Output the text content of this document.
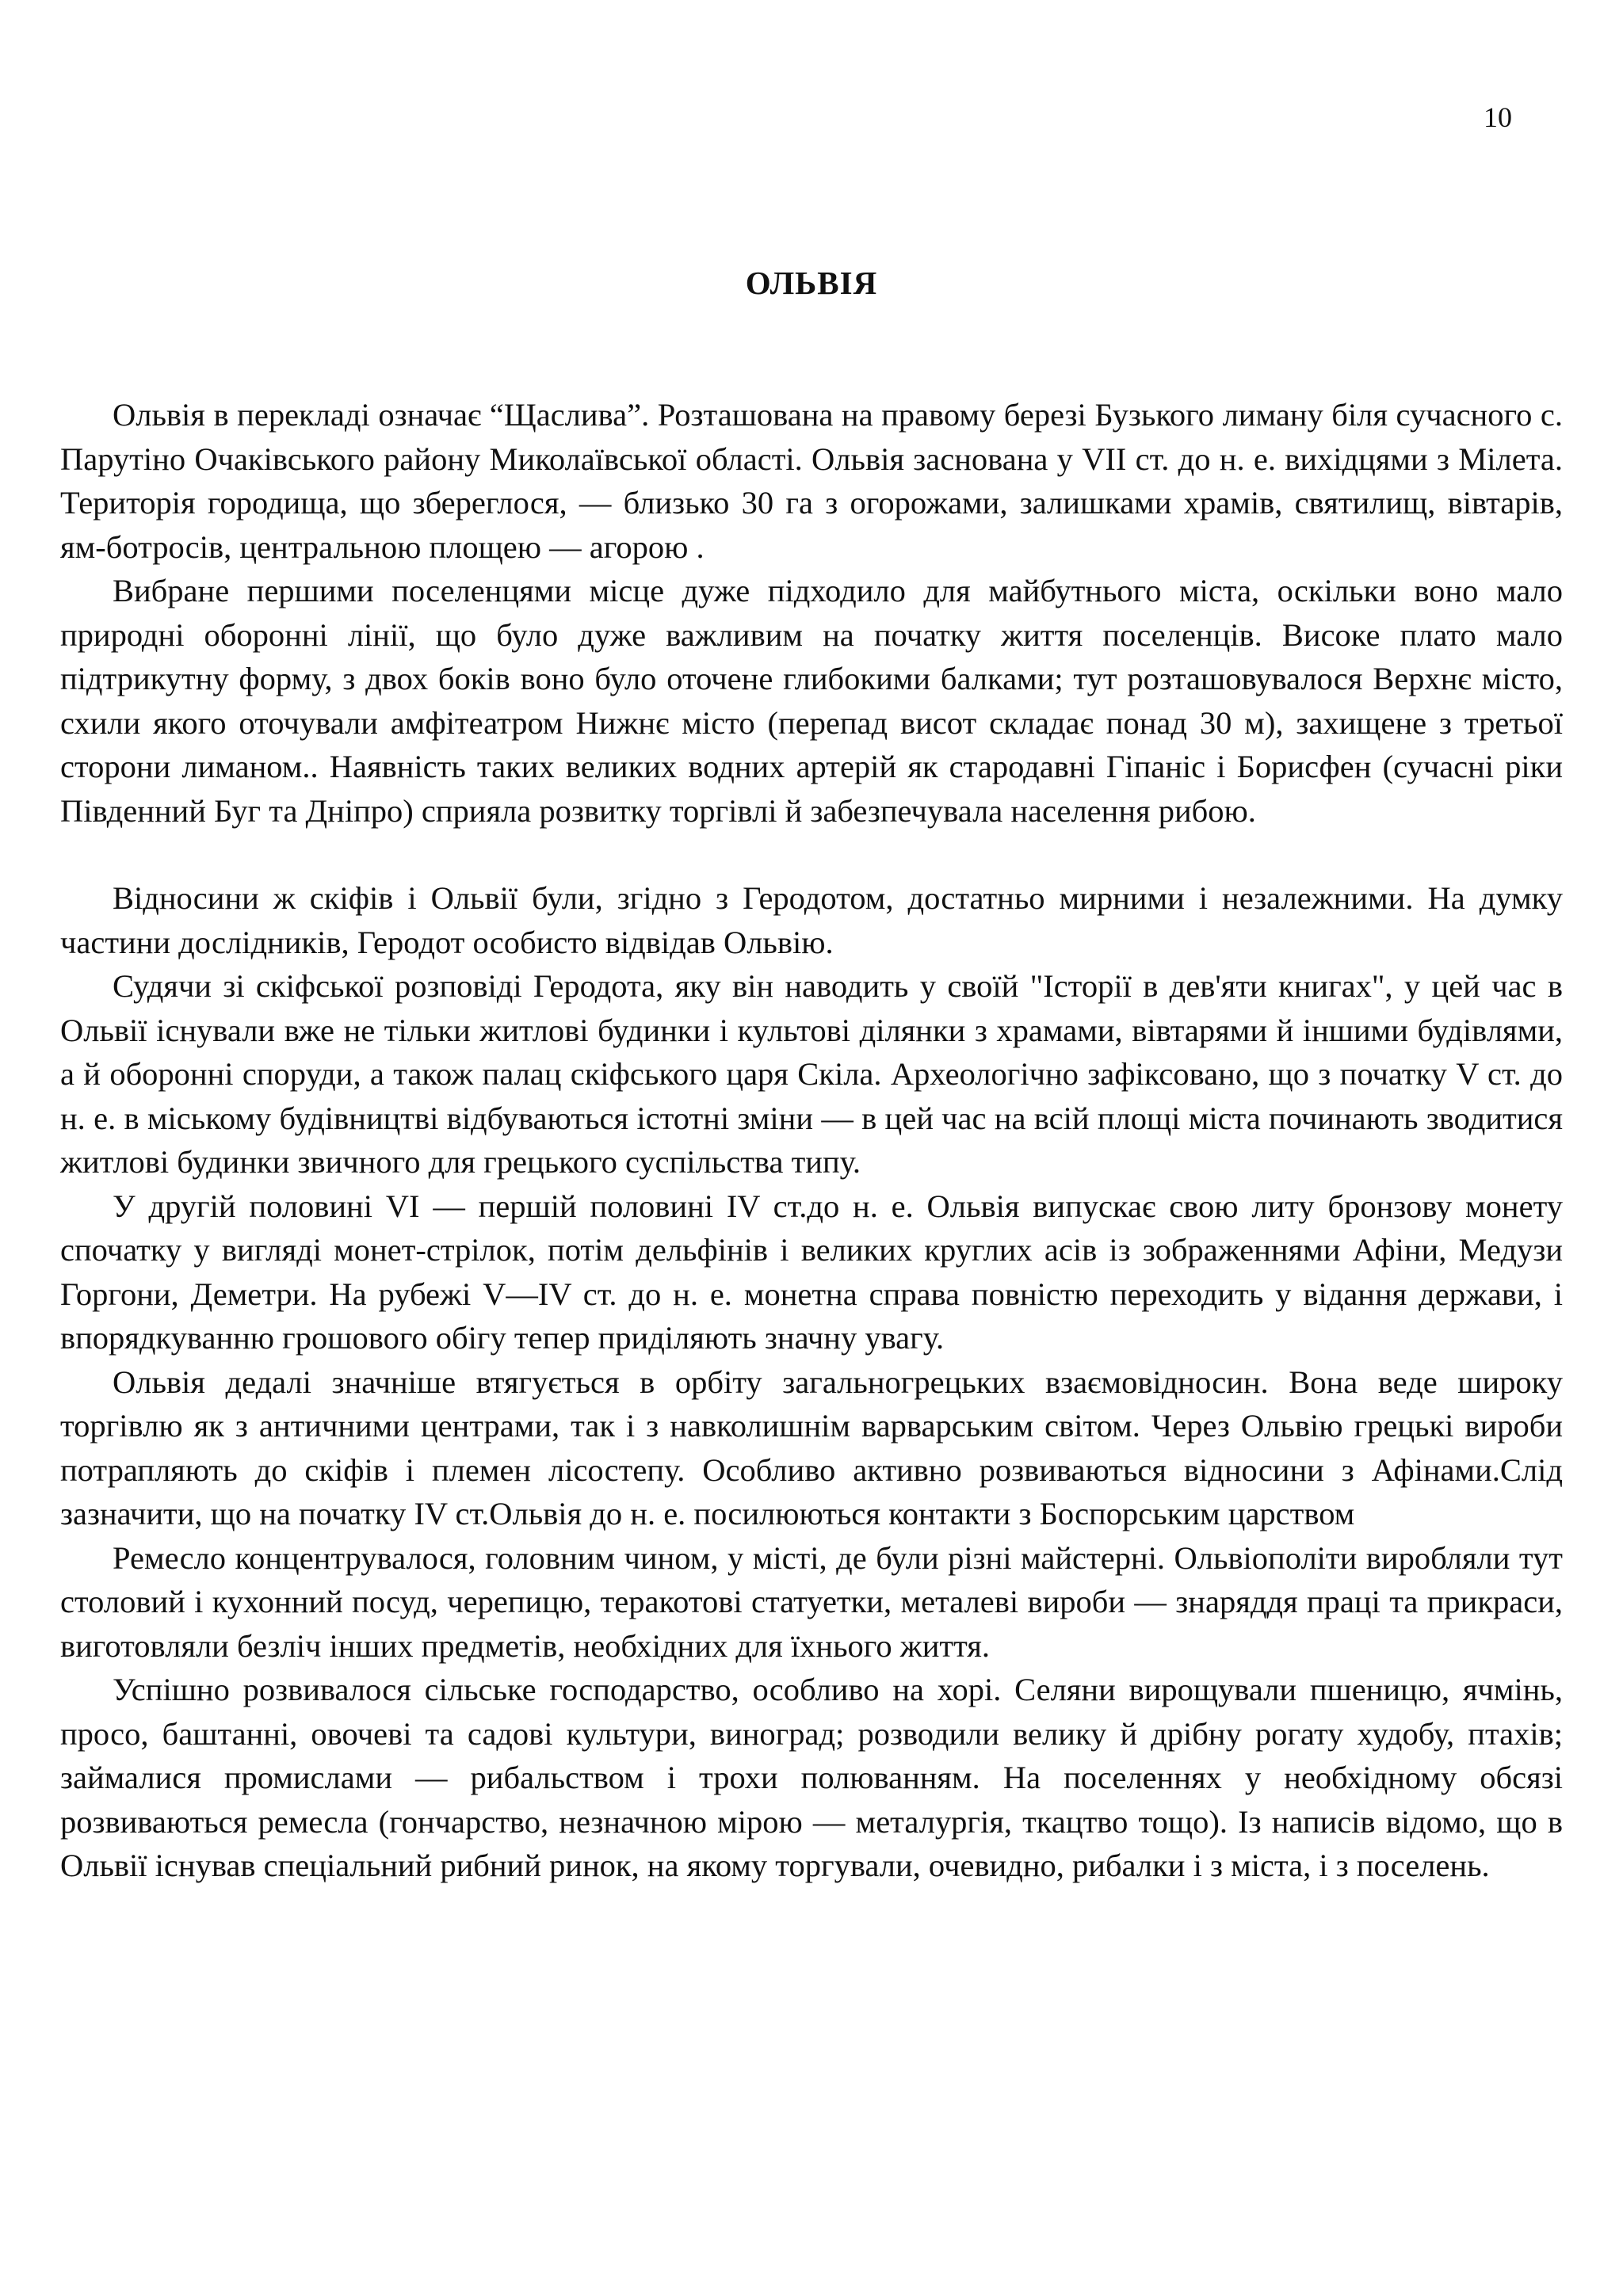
10
ОЛЬВІЯ

Ольвія в перекладі означає “Щаслива”. Розташована на правому березі Бузького лиману біля сучасного с. Парутіно Очаківського району Миколаївської області. Ольвія заснована у VII ст. до н. е. вихідцями з Мілета. Територія городища, що збереглося, — близько 30 га з огорожами, залишками храмів, святилищ, вівтарів, ям-ботросів, центральною площею — агорою .

Вибране першими поселенцями місце дуже підходило для майбутнього міста, оскільки воно мало природні оборонні лінії, що було дуже важливим на початку життя поселенців. Високе плато мало підтрикутну форму, з двох боків воно було оточене глибокими балками; тут розташовувалося Верхнє місто, схили якого оточували амфітеатром Нижнє місто (перепад висот складає понад 30 м), захищене з третьої сторони лиманом.. Наявність таких великих водних артерій як стародавні Гіпаніс і Борисфен (сучасні ріки Південний Буг та Дніпро) сприяла розвитку торгівлі й забезпечувала населення рибою.

Відносини ж скіфів і Ольвії були, згідно з Геродотом, достатньо мирними і незалежними. На думку частини дослідників, Геродот особисто відвідав Ольвію.

Судячи зі скіфської розповіді Геродота, яку він наводить у своїй "Історії в дев'яти книгах", у цей час в Ольвії існували вже не тільки житлові будинки і культові ділянки з храмами, вівтарями й іншими будівлями, а й оборонні споруди, а також палац скіфського царя Скіла. Археологічно зафіксовано, що з початку V ст. до н. е. в міському будівництві відбуваються істотні зміни — в цей час на всій площі міста починають зводитися житлові будинки звичного для грецького суспільства типу.

У другій половині VI — першій половині IV ст.до н. е. Ольвія випускає свою литу бронзову монету спочатку у вигляді монет-стрілок, потім дельфінів і великих круглих асів із зображеннями Афіни, Медузи Горгони, Деметри. На рубежі V—IV ст. до н. е. монетна справа повністю переходить у відання держави, і впорядкуванню грошового обігу тепер приділяють значну увагу.

Ольвія дедалі значніше втягується в орбіту загальногрецьких взаємовідносин. Вона веде широку торгівлю як з античними центрами, так і з навколишнім варварським світом. Через Ольвію грецькі вироби потрапляють до скіфів і племен лісостепу. Особливо активно розвиваються відносини з Афінами.Слід зазначити, що на початку IV ст.Ольвія до н. е. посилюються контакти з Боспорським царством

Ремесло концентрувалося, головним чином, у місті, де були різні майстерні. Ольвіополіти виробляли тут столовий і кухонний посуд, черепицю, теракотові статуетки, металеві вироби — знаряддя праці та прикраси, виготовляли безліч інших предметів, необхідних для їхнього життя.

Успішно розвивалося сільське господарство, особливо на хорі. Селяни вирощували пшеницю, ячмінь, просо, баштанні, овочеві та садові культури, виноград; розводили велику й дрібну рогату худобу, птахів; займалися промислами — рибальством і трохи полюванням. На поселеннях у необхідному обсязі розвиваються ремесла (гончарство, незначною мірою — металургія, ткацтво тощо). Із написів відомо, що в Ольвії існував спеціальний рибний ринок, на якому торгували, очевидно, рибалки і з міста, і з поселень.
